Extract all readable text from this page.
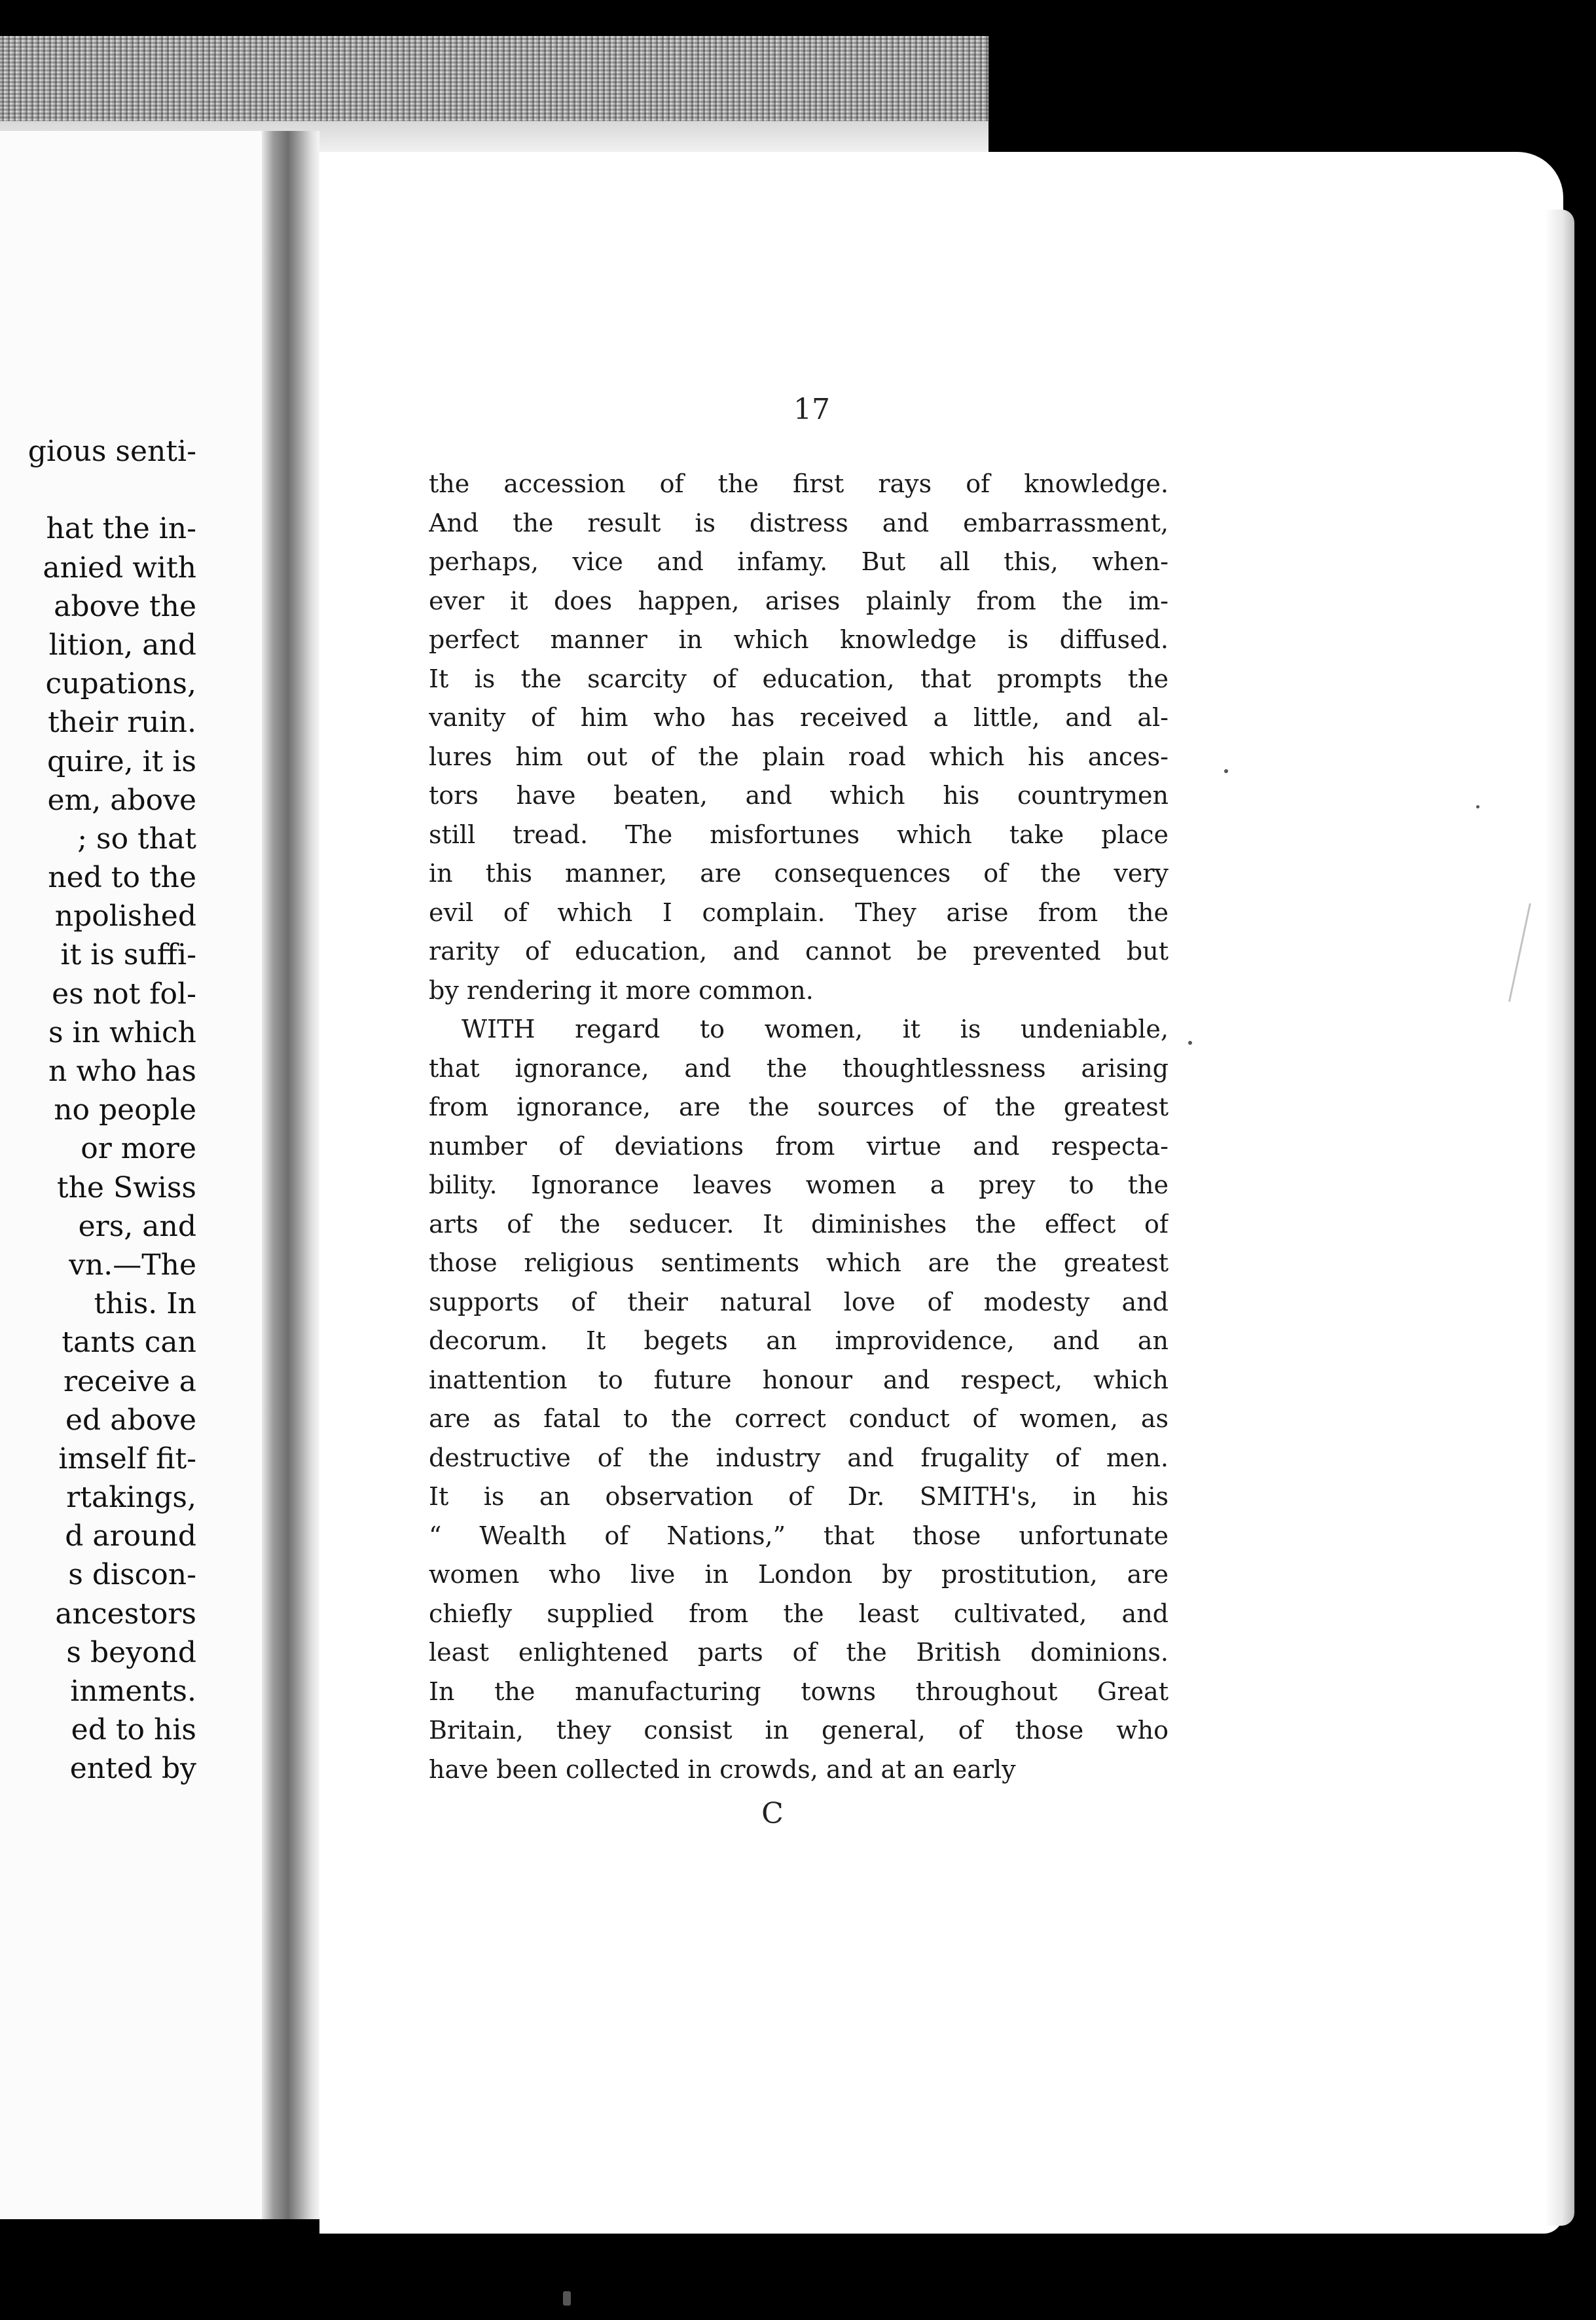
gious senti-
hat the in-
anied with
above the
lition, and
cupations,
their ruin.
quire, it is
em, above
; so that
ned to the
npolished
it is suffi-
es not fol-
s in which
n who has
no people
or more
the Swiss
ers, and
vn.—The
this. In
tants can
receive a
ed above
imself fit-
rtakings,
d around
s discon-
ancestors
s beyond
inments.
ed to his
ented by
17
the accession of the first rays of knowledge.
And the result is distress and embarrassment,
perhaps, vice and infamy. But all this, when-
ever it does happen, arises plainly from the im-
perfect manner in which knowledge is diffused.
It is the scarcity of education, that prompts the
vanity of him who has received a little, and al-
lures him out of the plain road which his ances-
tors have beaten, and which his countrymen
still tread. The misfortunes which take place
in this manner, are consequences of the very
evil of which I complain. They arise from the
rarity of education, and cannot be prevented but
by rendering it more common.
WITH regard to women, it is undeniable,
that ignorance, and the thoughtlessness arising
from ignorance, are the sources of the greatest
number of deviations from virtue and respecta-
bility. Ignorance leaves women a prey to the
arts of the seducer. It diminishes the effect of
those religious sentiments which are the greatest
supports of their natural love of modesty and
decorum. It begets an improvidence, and an
inattention to future honour and respect, which
are as fatal to the correct conduct of women, as
destructive of the industry and frugality of men.
It is an observation of Dr. SMITH's, in his
“ Wealth of Nations,” that those unfortunate
women who live in London by prostitution, are
chiefly supplied from the least cultivated, and
least enlightened parts of the British dominions.
In the manufacturing towns throughout Great
Britain, they consist in general, of those who
have been collected in crowds, and at an early
C
